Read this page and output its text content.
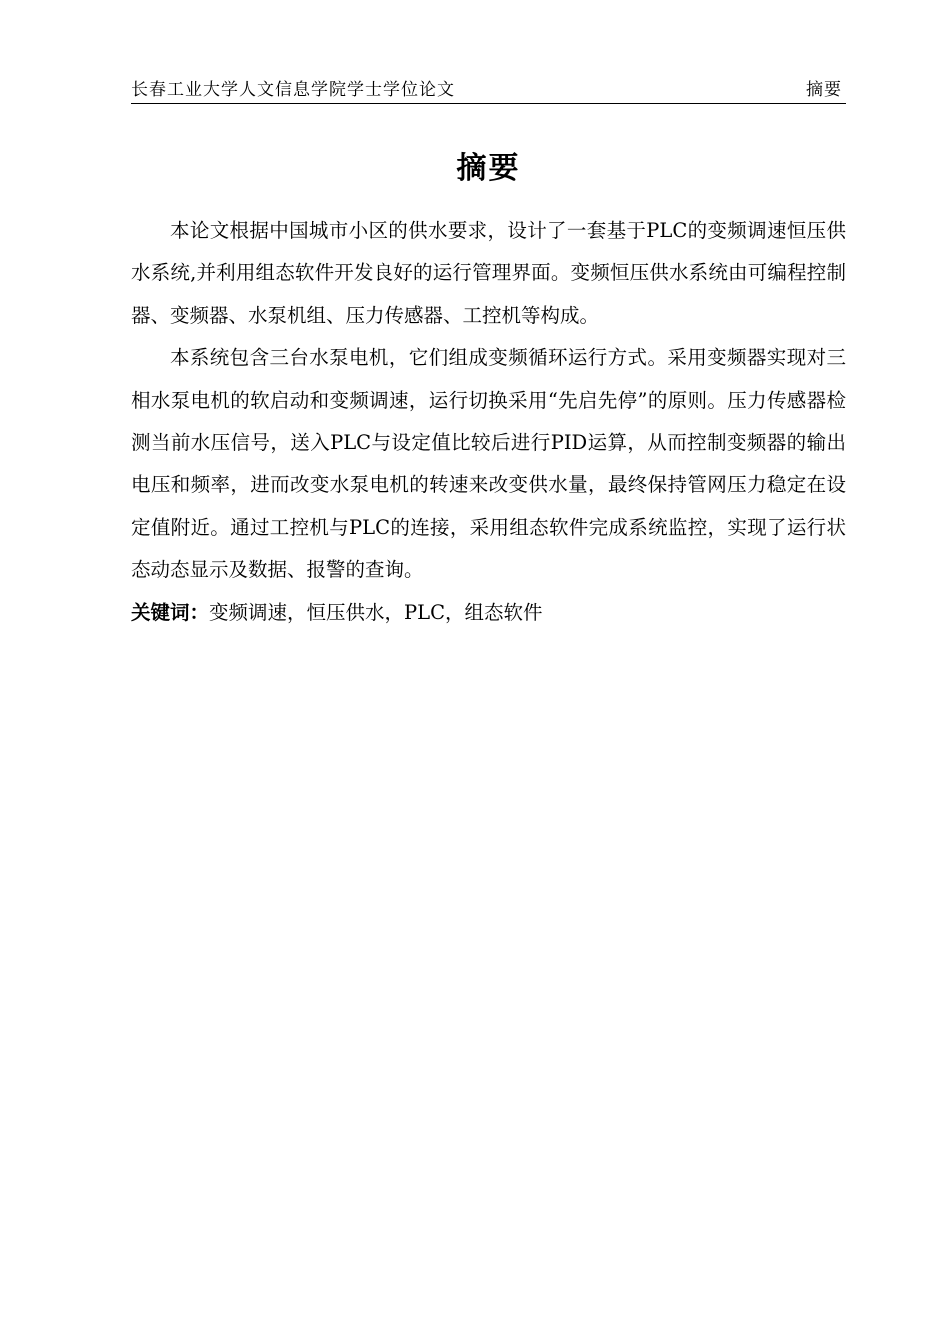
长春工业大学人文信息学院学士学位论文	摘要
摘要

本论文根据中国城市小区的供水要求，设计了一套基于PLC的变频调速恒压供水系统,并利用组态软件开发良好的运行管理界面。变频恒压供水系统由可编程控制器、变频器、水泵机组、压力传感器、工控机等构成。

本系统包含三台水泵电机，它们组成变频循环运行方式。采用变频器实现对三相水泵电机的软启动和变频调速，运行切换采用“先启先停”的原则。压力传感器检测当前水压信号，送入PLC与设定值比较后进行PID运算，从而控制变频器的输出电压和频率，进而改变水泵电机的转速来改变供水量，最终保持管网压力稳定在设定值附近。通过工控机与PLC的连接，采用组态软件完成系统监控，实现了运行状态动态显示及数据、报警的查询。

关键词：变频调速，恒压供水，PLC，组态软件
